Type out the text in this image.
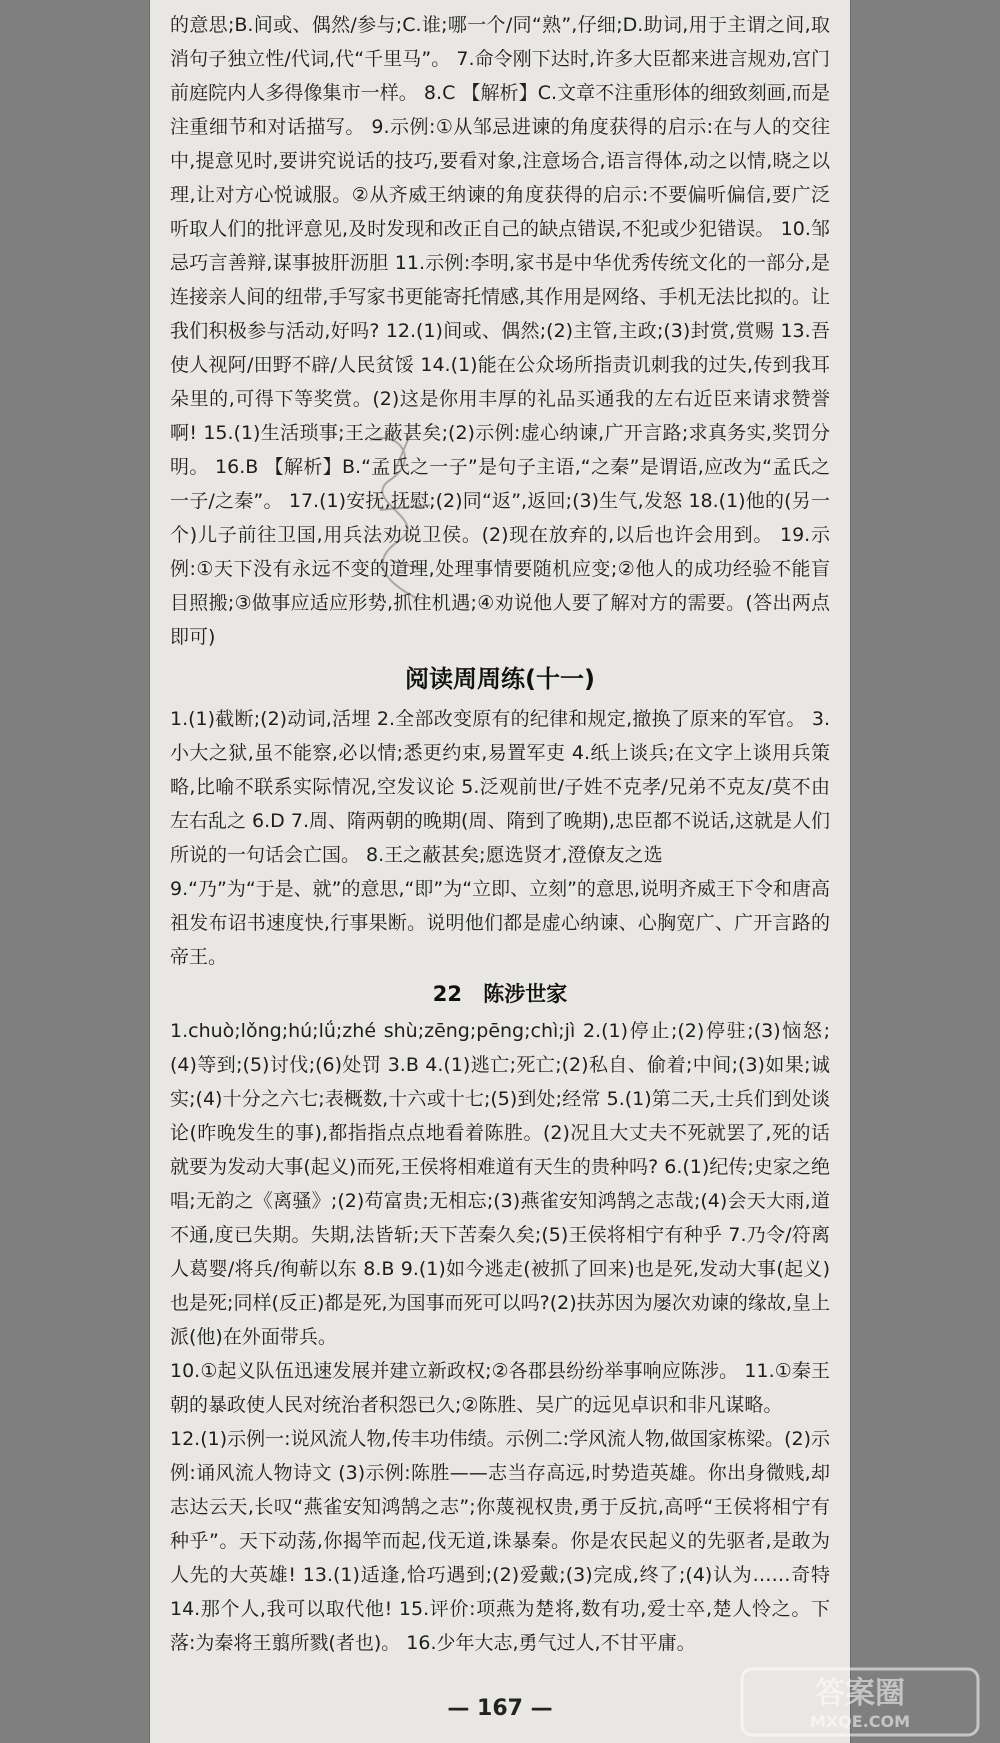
的意思;B.间或、偶然/参与;C.谁;哪一个/同“熟”,仔细;D.助词,用于主谓之间,取消句子独立性/代词,代“千里马”。 7.命令刚下达时,许多大臣都来进言规劝,宫门前庭院内人多得像集市一样。 8.C 【解析】C.文章不注重形体的细致刻画,而是注重细节和对话描写。 9.示例:①从邹忌进谏的角度获得的启示:在与人的交往中,提意见时,要讲究说话的技巧,要看对象,注意场合,语言得体,动之以情,晓之以理,让对方心悦诚服。②从齐威王纳谏的角度获得的启示:不要偏听偏信,要广泛听取人们的批评意见,及时发现和改正自己的缺点错误,不犯或少犯错误。 10.邹忌巧言善辩,谋事披肝沥胆 11.示例:李明,家书是中华优秀传统文化的一部分,是连接亲人间的纽带,手写家书更能寄托情感,其作用是网络、手机无法比拟的。让我们积极参与活动,好吗? 12.(1)间或、偶然;(2)主管,主政;(3)封赏,赏赐 13.吾使人视阿/田野不辟/人民贫馁 14.(1)能在公众场所指责讥刺我的过失,传到我耳朵里的,可得下等奖赏。(2)这是你用丰厚的礼品买通我的左右近臣来请求赞誉啊! 15.(1)生活琐事;王之蔽甚矣;(2)示例:虚心纳谏,广开言路;求真务实,奖罚分明。 16.B 【解析】B.“孟氏之一子”是句子主语,“之秦”是谓语,应改为“孟氏之一子/之秦”。 17.(1)安抚,抚慰;(2)同“返”,返回;(3)生气,发怒 18.(1)他的(另一个)儿子前往卫国,用兵法劝说卫侯。(2)现在放弃的,以后也许会用到。 19.示例:①天下没有永远不变的道理,处理事情要随机应变;②他人的成功经验不能盲目照搬;③做事应适应形势,抓住机遇;④劝说他人要了解对方的需要。(答出两点即可)

阅读周周练(十一)

1.(1)截断;(2)动词,活埋 2.全部改变原有的纪律和规定,撤换了原来的军官。 3.小大之狱,虽不能察,必以情;悉更约束,易置军吏 4.纸上谈兵;在文字上谈用兵策略,比喻不联系实际情况,空发议论 5.泛观前世/子姓不克孝/兄弟不克友/莫不由左右乱之 6.D 7.周、隋两朝的晚期(周、隋到了晚期),忠臣都不说话,这就是人们所说的一句话会亡国。 8.王之蔽甚矣;愿选贤才,澄僚友之选

9.“乃”为“于是、就”的意思,“即”为“立即、立刻”的意思,说明齐威王下令和唐高祖发布诏书速度快,行事果断。说明他们都是虚心纳谏、心胸宽广、广开言路的帝王。

22 陈涉世家

1.chuò;lǒng;hú;lǘ;zhé shù;zēng;pēng;chì;jì 2.(1)停止;(2)停驻;(3)恼怒;(4)等到;(5)讨伐;(6)处罚 3.B 4.(1)逃亡;死亡;(2)私自、偷着;中间;(3)如果;诚实;(4)十分之六七;表概数,十六或十七;(5)到处;经常 5.(1)第二天,士兵们到处谈论(昨晚发生的事),都指指点点地看着陈胜。(2)况且大丈夫不死就罢了,死的话就要为发动大事(起义)而死,王侯将相难道有天生的贵种吗? 6.(1)纪传;史家之绝唱;无韵之《离骚》;(2)苟富贵;无相忘;(3)燕雀安知鸿鹄之志哉;(4)会天大雨,道不通,度已失期。失期,法皆斩;天下苦秦久矣;(5)王侯将相宁有种乎 7.乃令/符离人葛婴/将兵/徇蕲以东 8.B 9.(1)如今逃走(被抓了回来)也是死,发动大事(起义)也是死;同样(反正)都是死,为国事而死可以吗?(2)扶苏因为屡次劝谏的缘故,皇上派(他)在外面带兵。

10.①起义队伍迅速发展并建立新政权;②各郡县纷纷举事响应陈涉。 11.①秦王朝的暴政使人民对统治者积怨已久;②陈胜、吴广的远见卓识和非凡谋略。

12.(1)示例一:说风流人物,传丰功伟绩。示例二:学风流人物,做国家栋梁。(2)示例:诵风流人物诗文 (3)示例:陈胜——志当存高远,时势造英雄。你出身微贱,却志达云天,长叹“燕雀安知鸿鹄之志”;你蔑视权贵,勇于反抗,高呼“王侯将相宁有种乎”。天下动荡,你揭竿而起,伐无道,诛暴秦。你是农民起义的先驱者,是敢为人先的大英雄! 13.(1)适逢,恰巧遇到;(2)爱戴;(3)完成,终了;(4)认为……奇特 14.那个人,我可以取代他! 15.评价:项燕为楚将,数有功,爱士卒,楚人怜之。下落:为秦将王翦所戮(者也)。 16.少年大志,勇气过人,不甘平庸。

— 167 —	答案圈
MXQE.COM
